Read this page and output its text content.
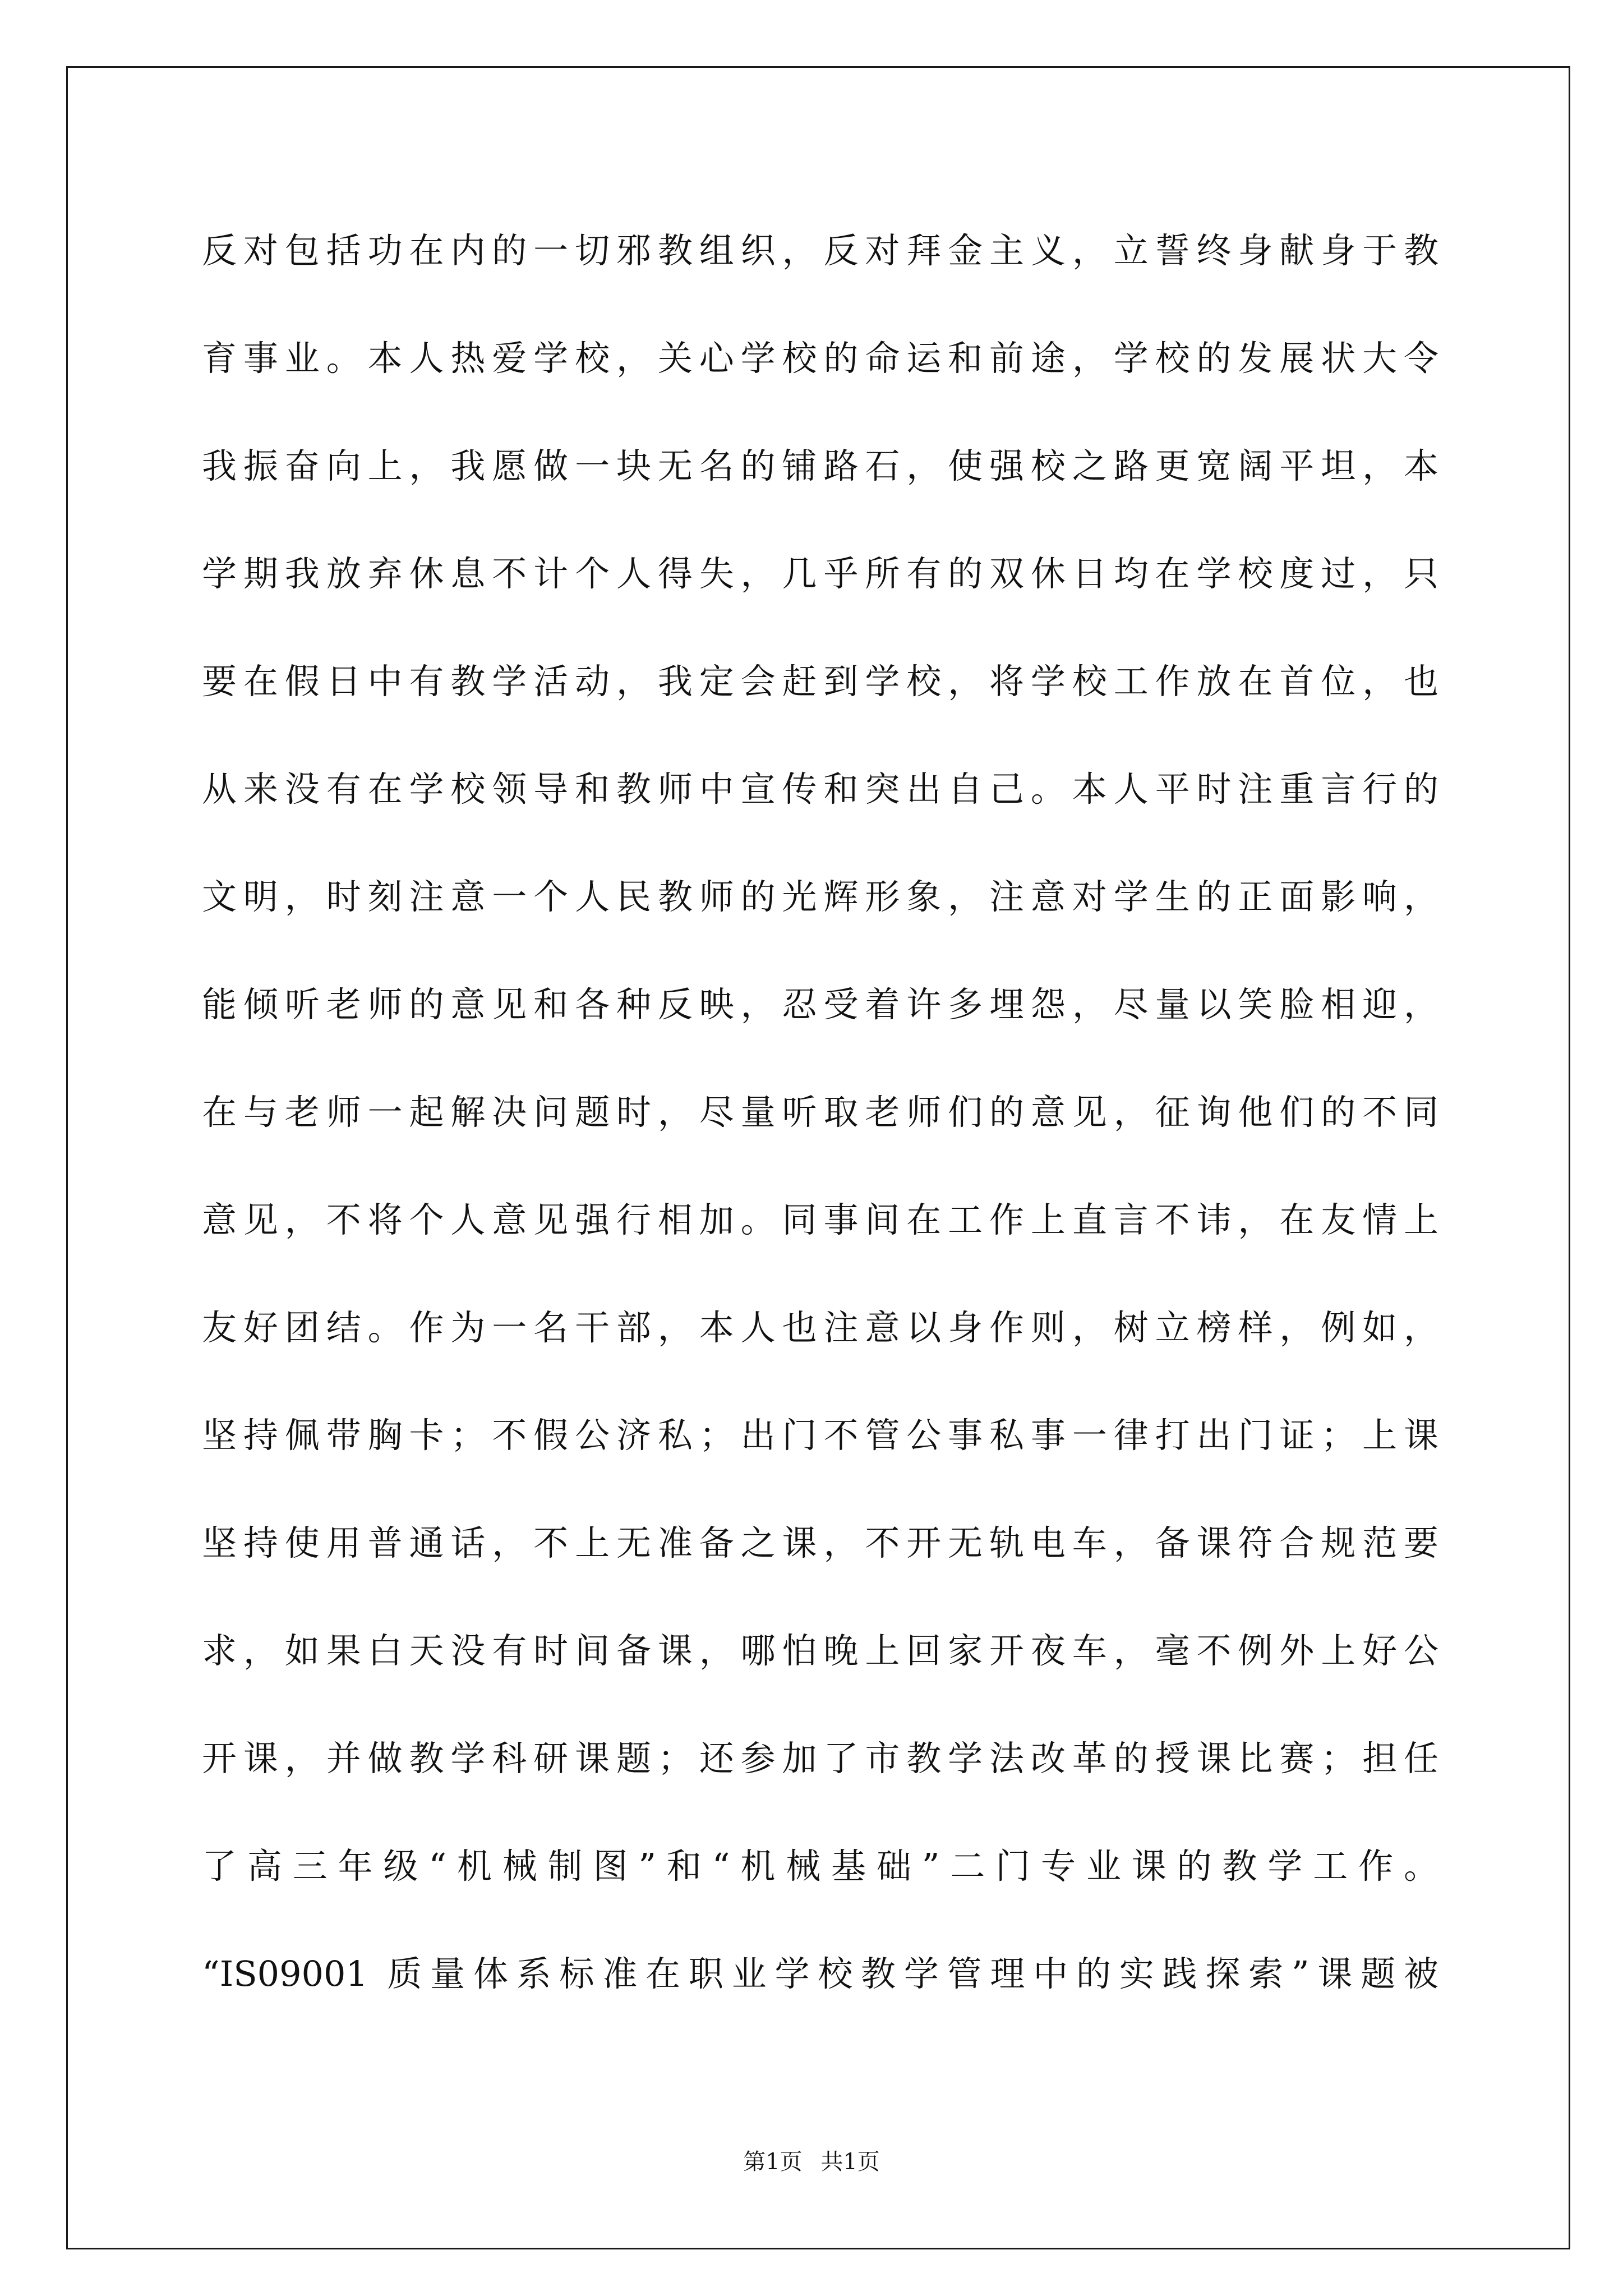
反对包括功在内的一切邪教组织，反对拜金主义，立誓终身献身于教
育事业。本人热爱学校，关心学校的命运和前途，学校的发展状大令
我振奋向上，我愿做一块无名的铺路石，使强校之路更宽阔平坦，本
学期我放弃休息不计个人得失，几乎所有的双休日均在学校度过，只
要在假日中有教学活动，我定会赶到学校，将学校工作放在首位，也
从来没有在学校领导和教师中宣传和突出自己。本人平时注重言行的
文明，时刻注意一个人民教师的光辉形象，注意对学生的正面影响，
能倾听老师的意见和各种反映，忍受着许多埋怨，尽量以笑脸相迎，
在与老师一起解决问题时，尽量听取老师们的意见，征询他们的不同
意见，不将个人意见强行相加。同事间在工作上直言不讳，在友情上
友好团结。作为一名干部，本人也注意以身作则，树立榜样，例如，
坚持佩带胸卡；不假公济私；出门不管公事私事一律打出门证；上课
坚持使用普通话，不上无准备之课，不开无轨电车，备课符合规范要
求，如果白天没有时间备课，哪怕晚上回家开夜车，毫不例外上好公
开课，并做教学科研课题；还参加了市教学法改革的授课比赛；担任
了高三年级“机械制图”和“机械基础”二门专业课的教学工作。
“IS09001 质量体系标准在职业学校教学管理中的实践探索”课题被
第1页 共1页
